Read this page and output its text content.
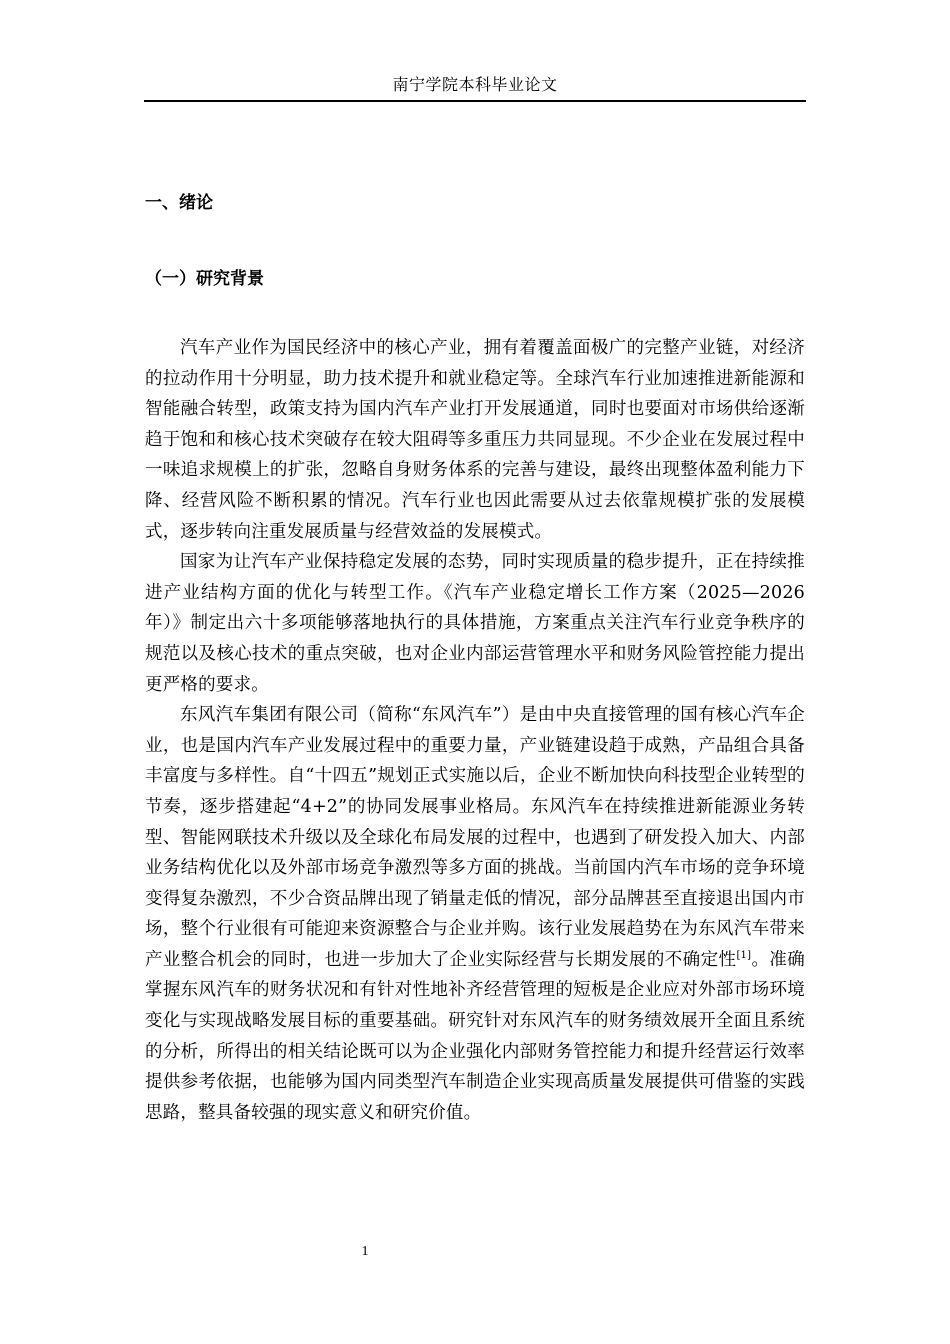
南宁学院本科毕业论文
一、绪论
（一）研究背景

汽车产业作为国民经济中的核心产业，拥有着覆盖面极广的完整产业链，对经济的拉动作用十分明显，助力技术提升和就业稳定等。全球汽车行业加速推进新能源和智能融合转型，政策支持为国内汽车产业打开发展通道，同时也要面对市场供给逐渐趋于饱和和核心技术突破存在较大阻碍等多重压力共同显现。不少企业在发展过程中一味追求规模上的扩张，忽略自身财务体系的完善与建设，最终出现整体盈利能力下降、经营风险不断积累的情况。汽车行业也因此需要从过去依靠规模扩张的发展模式，逐步转向注重发展质量与经营效益的发展模式。

国家为让汽车产业保持稳定发展的态势，同时实现质量的稳步提升，正在持续推进产业结构方面的优化与转型工作。《汽车产业稳定增长工作方案（2025—2026年）》制定出六十多项能够落地执行的具体措施，方案重点关注汽车行业竞争秩序的规范以及核心技术的重点突破，也对企业内部运营管理水平和财务风险管控能力提出更严格的要求。

东风汽车集团有限公司（简称“东风汽车”）是由中央直接管理的国有核心汽车企业，也是国内汽车产业发展过程中的重要力量，产业链建设趋于成熟，产品组合具备丰富度与多样性。自“十四五”规划正式实施以后，企业不断加快向科技型企业转型的节奏，逐步搭建起“4+2”的协同发展事业格局。东风汽车在持续推进新能源业务转型、智能网联技术升级以及全球化布局发展的过程中，也遇到了研发投入加大、内部业务结构优化以及外部市场竞争激烈等多方面的挑战。当前国内汽车市场的竞争环境变得复杂激烈，不少合资品牌出现了销量走低的情况，部分品牌甚至直接退出国内市场，整个行业很有可能迎来资源整合与企业并购。该行业发展趋势在为东风汽车带来产业整合机会的同时，也进一步加大了企业实际经营与长期发展的不确定性[1]。准确掌握东风汽车的财务状况和有针对性地补齐经营管理的短板是企业应对外部市场环境变化与实现战略发展目标的重要基础。研究针对东风汽车的财务绩效展开全面且系统的分析，所得出的相关结论既可以为企业强化内部财务管控能力和提升经营运行效率提供参考依据，也能够为国内同类型汽车制造企业实现高质量发展提供可借鉴的实践思路，整具备较强的现实意义和研究价值。

1
